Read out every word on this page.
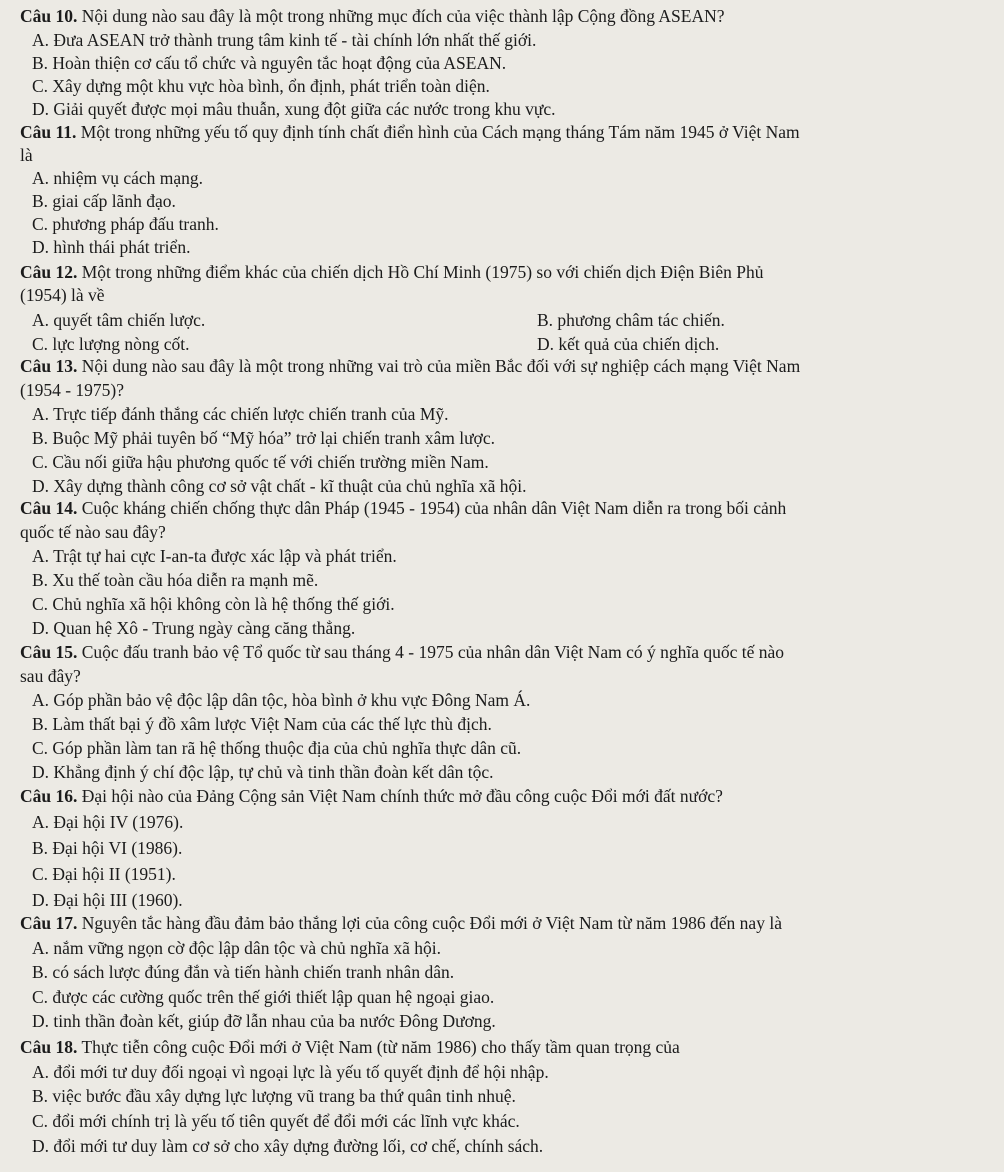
Câu 10. Nội dung nào sau đây là một trong những mục đích của việc thành lập Cộng đồng ASEAN?
A. Đưa ASEAN trở thành trung tâm kinh tế - tài chính lớn nhất thế giới.
B. Hoàn thiện cơ cấu tổ chức và nguyên tắc hoạt động của ASEAN.
C. Xây dựng một khu vực hòa bình, ổn định, phát triển toàn diện.
D. Giải quyết được mọi mâu thuẫn, xung đột giữa các nước trong khu vực.
Câu 11. Một trong những yếu tố quy định tính chất điển hình của Cách mạng tháng Tám năm 1945 ở Việt Nam
là
A. nhiệm vụ cách mạng.
B. giai cấp lãnh đạo.
C. phương pháp đấu tranh.
D. hình thái phát triển.
Câu 12. Một trong những điểm khác của chiến dịch Hồ Chí Minh (1975) so với chiến dịch Điện Biên Phủ
(1954) là về
A. quyết tâm chiến lược.	B. phương châm tác chiến.
C. lực lượng nòng cốt.	D. kết quả của chiến dịch.
Câu 13. Nội dung nào sau đây là một trong những vai trò của miền Bắc đối với sự nghiệp cách mạng Việt Nam
(1954 - 1975)?
A. Trực tiếp đánh thắng các chiến lược chiến tranh của Mỹ.
B. Buộc Mỹ phải tuyên bố “Mỹ hóa” trở lại chiến tranh xâm lược.
C. Cầu nối giữa hậu phương quốc tế với chiến trường miền Nam.
D. Xây dựng thành công cơ sở vật chất - kĩ thuật của chủ nghĩa xã hội.
Câu 14. Cuộc kháng chiến chống thực dân Pháp (1945 - 1954) của nhân dân Việt Nam diễn ra trong bối cảnh
quốc tế nào sau đây?
A. Trật tự hai cực I-an-ta được xác lập và phát triển.
B. Xu thế toàn cầu hóa diễn ra mạnh mẽ.
C. Chủ nghĩa xã hội không còn là hệ thống thế giới.
D. Quan hệ Xô - Trung ngày càng căng thẳng.
Câu 15. Cuộc đấu tranh bảo vệ Tổ quốc từ sau tháng 4 - 1975 của nhân dân Việt Nam có ý nghĩa quốc tế nào
sau đây?
A. Góp phần bảo vệ độc lập dân tộc, hòa bình ở khu vực Đông Nam Á.
B. Làm thất bại ý đồ xâm lược Việt Nam của các thế lực thù địch.
C. Góp phần làm tan rã hệ thống thuộc địa của chủ nghĩa thực dân cũ.
D. Khẳng định ý chí độc lập, tự chủ và tinh thần đoàn kết dân tộc.
Câu 16. Đại hội nào của Đảng Cộng sản Việt Nam chính thức mở đầu công cuộc Đổi mới đất nước?
A. Đại hội IV (1976).
B. Đại hội VI (1986).
C. Đại hội II (1951).
D. Đại hội III (1960).
Câu 17. Nguyên tắc hàng đầu đảm bảo thắng lợi của công cuộc Đổi mới ở Việt Nam từ năm 1986 đến nay là
A. nắm vững ngọn cờ độc lập dân tộc và chủ nghĩa xã hội.
B. có sách lược đúng đắn và tiến hành chiến tranh nhân dân.
C. được các cường quốc trên thế giới thiết lập quan hệ ngoại giao.
D. tinh thần đoàn kết, giúp đỡ lẫn nhau của ba nước Đông Dương.
Câu 18. Thực tiễn công cuộc Đổi mới ở Việt Nam (từ năm 1986) cho thấy tầm quan trọng của
A. đổi mới tư duy đối ngoại vì ngoại lực là yếu tố quyết định để hội nhập.
B. việc bước đầu xây dựng lực lượng vũ trang ba thứ quân tinh nhuệ.
C. đổi mới chính trị là yếu tố tiên quyết để đổi mới các lĩnh vực khác.
D. đổi mới tư duy làm cơ sở cho xây dựng đường lối, cơ chế, chính sách.
